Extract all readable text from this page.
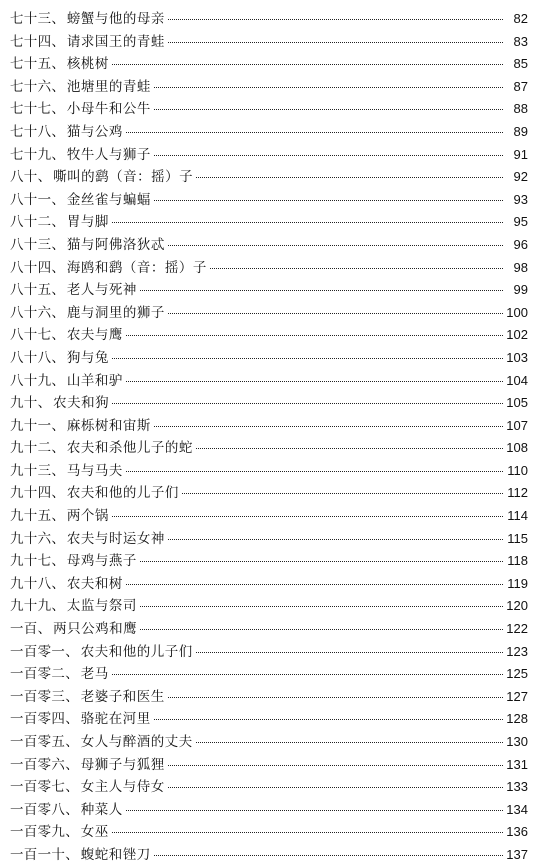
七十三 、 螃蟹与他的母亲	82
七十四 、 请求国王的青蛙	83
七十五 、 核桃树	85
七十六 、 池塘里的青蛙	87
七十七 、 小母牛和公牛	88
七十八 、 猫与公鸡	89
七十九 、 牧牛人与狮子	91
八十 、 嘶叫的鹞（音：摇）子	92
八十一 、 金丝雀与蝙蝠	93
八十二 、 胃与脚	95
八十三 、 猫与阿佛洛狄忒	96
八十四 、 海鸥和鹞（音：摇）子	98
八十五 、 老人与死神	99
八十六 、 鹿与洞里的狮子	100
八十七 、 农夫与鹰	102
八十八 、 狗与兔	103
八十九 、 山羊和驴	104
九十 、 农夫和狗	105
九十一 、 麻栎树和宙斯	107
九十二 、 农夫和杀他儿子的蛇	108
九十三 、 马与马夫	110
九十四 、 农夫和他的儿子们	112
九十五 、 两个锅	114
九十六 、 农夫与时运女神	115
九十七 、 母鸡与燕子	118
九十八 、 农夫和树	119
九十九 、 太监与祭司	120
一百 、 两只公鸡和鹰	122
一百零一 、 农夫和他的儿子们	123
一百零二 、 老马	125
一百零三 、 老婆子和医生	127
一百零四 、 骆驼在河里	128
一百零五 、 女人与醉酒的丈夫	130
一百零六 、 母狮子与狐狸	131
一百零七 、 女主人与侍女	133
一百零八 、 种菜人	134
一百零九 、 女巫	136
一百一十 、 蝮蛇和锉刀	137
